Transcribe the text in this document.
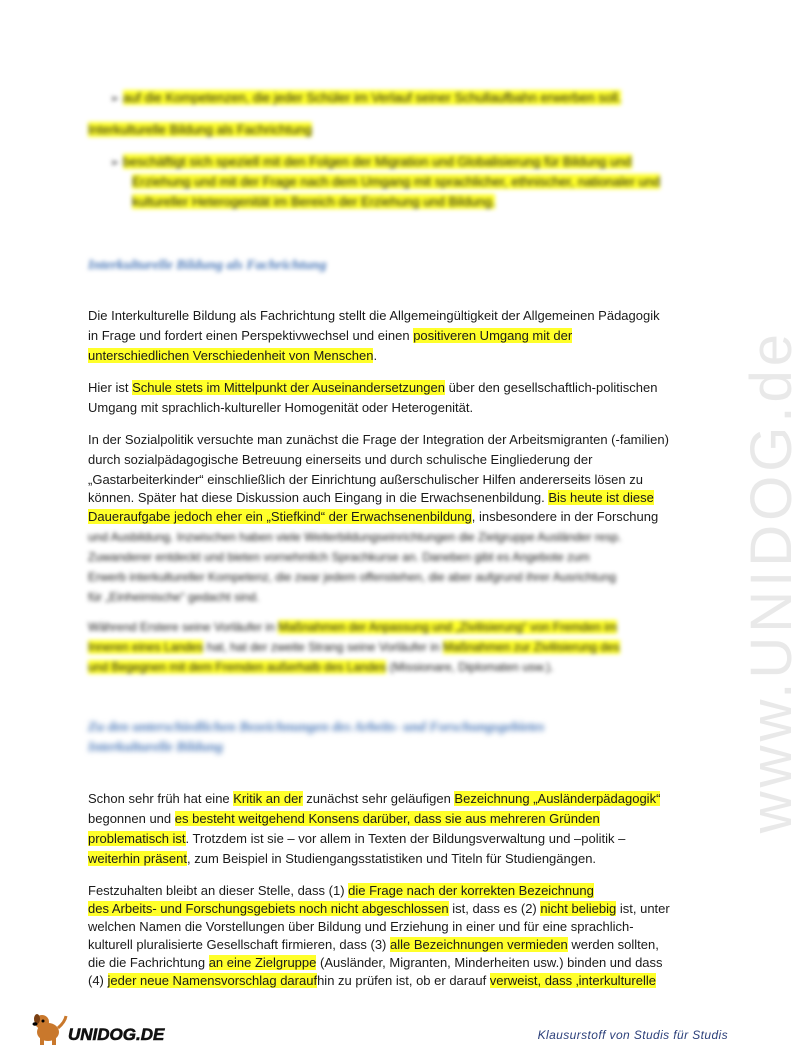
www.UNIDOG.de
➢ auf die Kompetenzen, die jeder Schüler im Verlauf seiner Schullaufbahn erwerben soll.
Interkulturelle Bildung als Fachrichtung
➢ beschäftigt sich speziell mit den Folgen der Migration und Globalisierung für Bildung und
Erziehung und mit der Frage nach dem Umgang mit sprachlicher, ethnischer, nationaler und
kultureller Heterogenität im Bereich der Erziehung und Bildung.
Interkulturelle Bildung als Fachrichtung
Die Interkulturelle Bildung als Fachrichtung stellt die Allgemeingültigkeit der Allgemeinen Pädagogik
in Frage und fordert einen Perspektivwechsel und einen positiveren Umgang mit der
unterschiedlichen Verschiedenheit von Menschen.
Hier ist Schule stets im Mittelpunkt der Auseinandersetzungen über den gesellschaftlich-politischen
Umgang mit sprachlich-kultureller Homogenität oder Heterogenität.
In der Sozialpolitik versuchte man zunächst die Frage der Integration der Arbeitsmigranten (-familien)
durch sozialpädagogische Betreuung einerseits und durch schulische Eingliederung der
„Gastarbeiterkinder“ einschließlich der Einrichtung außerschulischer Hilfen andererseits lösen zu
können. Später hat diese Diskussion auch Eingang in die Erwachsenenbildung. Bis heute ist diese
Daueraufgabe jedoch eher ein „Stiefkind“ der Erwachsenenbildung, insbesondere in der Forschung
und Ausbildung. Inzwischen haben viele Weiterbildungseinrichtungen die Zielgruppe Ausländer resp.
Zuwanderer entdeckt und bieten vornehmlich Sprachkurse an. Daneben gibt es Angebote zum
Erwerb interkultureller Kompetenz, die zwar jedem offenstehen, die aber aufgrund ihrer Ausrichtung
für „Einheimische“ gedacht sind.
Während Erstere seine Vorläufer in Maßnahmen der Anpassung und „Zivilisierung“ von Fremden im
Inneren eines Landes hat, hat der zweite Strang seine Vorläufer in Maßnahmen zur Zivilisierung des
und Begegnen mit dem Fremden außerhalb des Landes (Missionare, Diplomaten usw.).
Zu den unterschiedlichen Bezeichnungen des Arbeits- und Forschungsgebietes
Interkulturelle Bildung
Schon sehr früh hat eine Kritik an der zunächst sehr geläufigen Bezeichnung „Ausländerpädagogik“
begonnen und es besteht weitgehend Konsens darüber, dass sie aus mehreren Gründen
problematisch ist. Trotzdem ist sie – vor allem in Texten der Bildungsverwaltung und –politik –
weiterhin präsent, zum Beispiel in Studiengangsstatistiken und Titeln für Studiengängen.
Festzuhalten bleibt an dieser Stelle, dass (1) die Frage nach der korrekten Bezeichnung
des Arbeits- und Forschungsgebiets noch nicht abgeschlossen ist, dass es (2) nicht beliebig ist, unter
welchen Namen die Vorstellungen über Bildung und Erziehung in einer und für eine sprachlich-
kulturell pluralisierte Gesellschaft firmieren, dass (3) alle Bezeichnungen vermieden werden sollten,
die die Fachrichtung an eine Zielgruppe (Ausländer, Migranten, Minderheiten usw.) binden und dass
(4) jeder neue Namensvorschlag daraufhin zu prüfen ist, ob er darauf verweist, dass ‚interkulturelle
UNIDOG.DE	Klausurstoff von Studis für Studis
